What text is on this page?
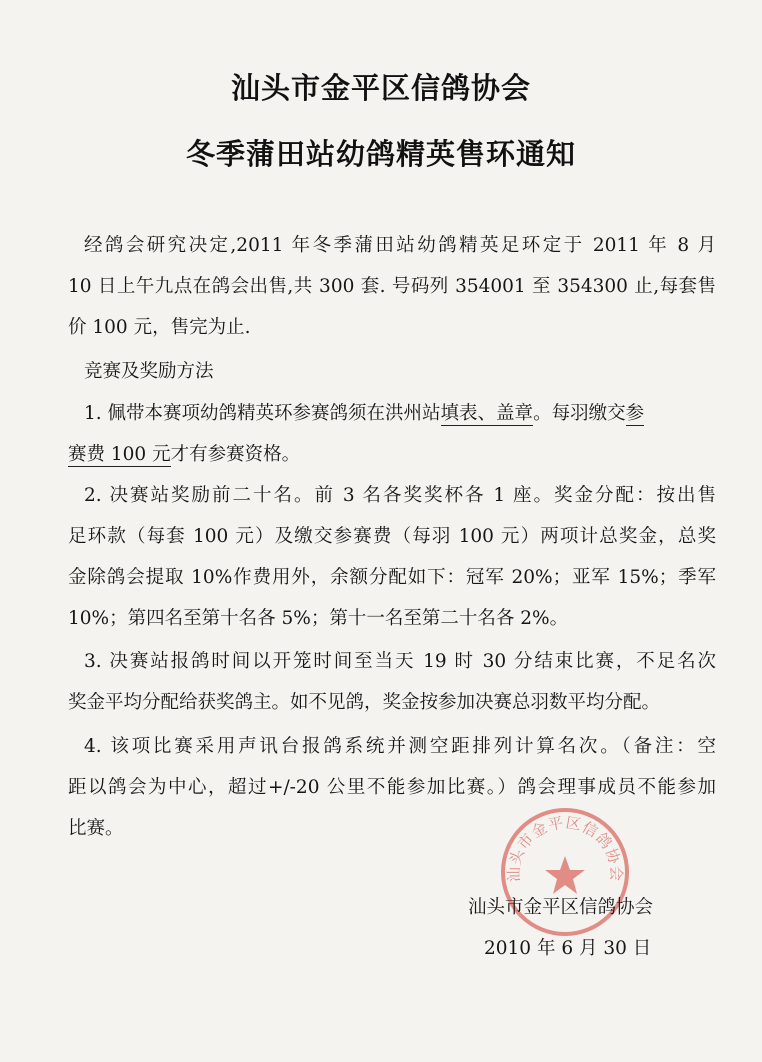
汕头市金平区信鸽协会
冬季蒲田站幼鸽精英售环通知
经鸽会研究决定,2011 年冬季蒲田站幼鸽精英足环定于 2011 年 8 月
10 日上午九点在鸽会出售,共 300 套. 号码列 354001 至 354300 止,每套售
价 100 元，售完为止.
竞赛及奖励方法
1. 佩带本赛项幼鸽精英环参赛鸽须在洪州站填表、盖章。每羽缴交参
赛费 100 元才有参赛资格。
2. 决赛站奖励前二十名。前 3 名各奖奖杯各 1 座。奖金分配：按出售
足环款（每套 100 元）及缴交参赛费（每羽 100 元）两项计总奖金，总奖
金除鸽会提取 10%作费用外，余额分配如下：冠军 20%；亚军 15%；季军
10%；第四名至第十名各 5%；第十一名至第二十名各 2%。
3. 决赛站报鸽时间以开笼时间至当天 19 时 30 分结束比赛，不足名次
奖金平均分配给获奖鸽主。如不见鸽，奖金按参加决赛总羽数平均分配。
4. 该项比赛采用声讯台报鸽系统并测空距排列计算名次。（备注：空
距以鸽会为中心，超过+/-20 公里不能参加比赛。）鸽会理事成员不能参加
比赛。
汕头市金平区信鸽协会
汕头市金平区信鸽协会
2010 年 6 月 30 日
